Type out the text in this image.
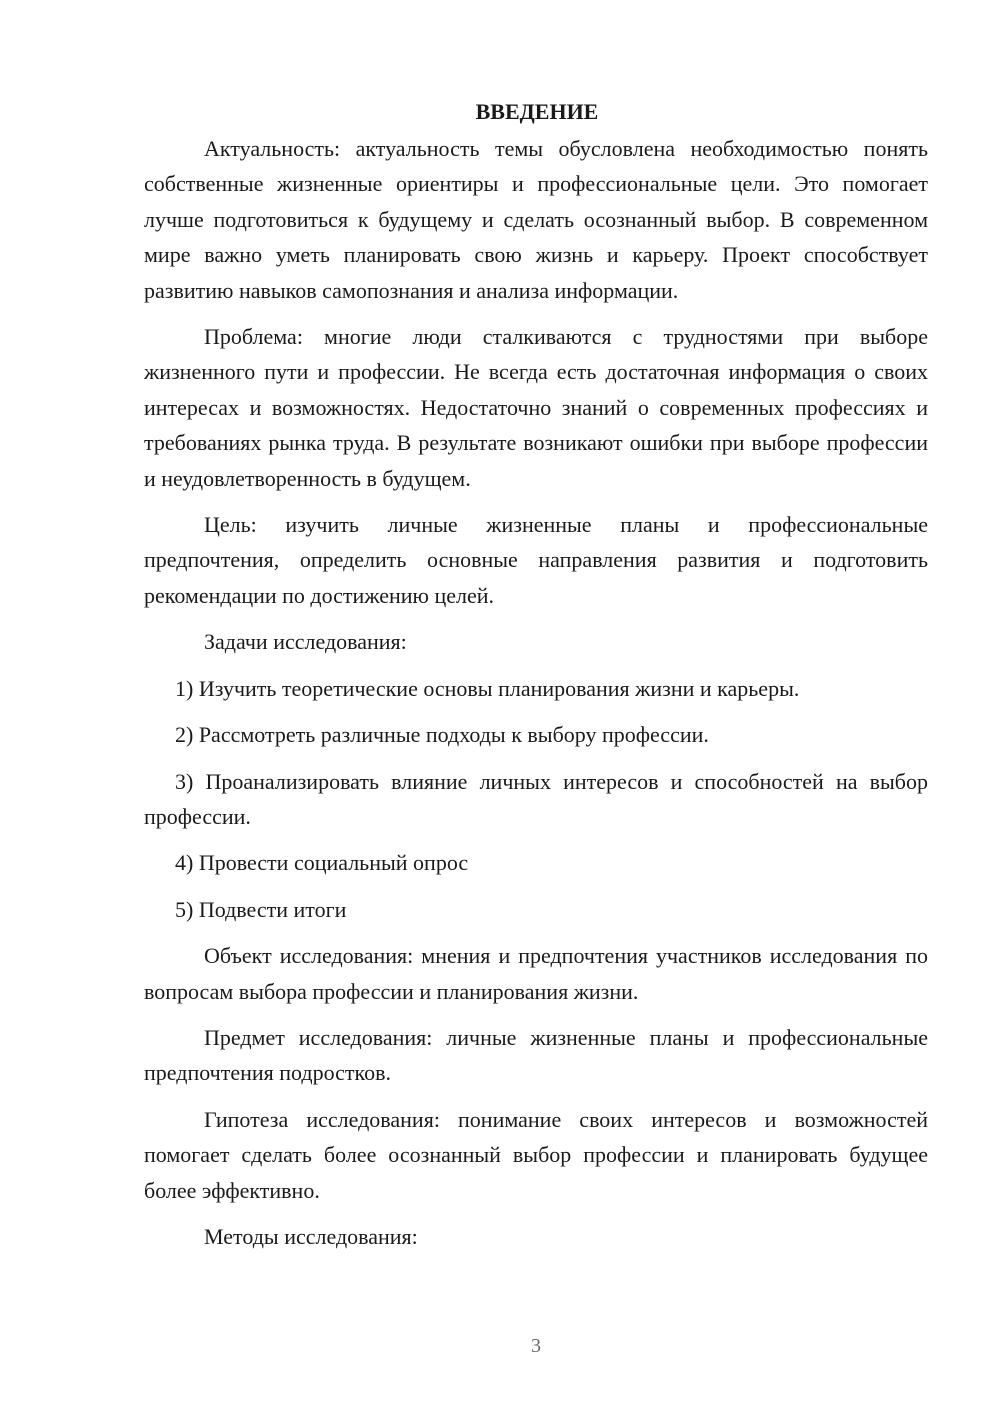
ВВЕДЕНИЕ

Актуальность: актуальность темы обусловлена необходимостью понять собственные жизненные ориентиры и профессиональные цели. Это помогает лучше подготовиться к будущему и сделать осознанный выбор. В современном мире важно уметь планировать свою жизнь и карьеру. Проект способствует развитию навыков самопознания и анализа информации.

Проблема: многие люди сталкиваются с трудностями при выборе жизненного пути и профессии. Не всегда есть достаточная информация о своих интересах и возможностях. Недостаточно знаний о современных профессиях и требованиях рынка труда. В результате возникают ошибки при выборе профессии и неудовлетворенность в будущем.

Цель: изучить личные жизненные планы и профессиональные предпочтения, определить основные направления развития и подготовить рекомендации по достижению целей.

Задачи исследования:

1) Изучить теоретические основы планирования жизни и карьеры.

2) Рассмотреть различные подходы к выбору профессии.

3) Проанализировать влияние личных интересов и способностей на выбор профессии.

4) Провести социальный опрос

5) Подвести итоги

Объект исследования: мнения и предпочтения участников исследования по вопросам выбора профессии и планирования жизни.

Предмет исследования: личные жизненные планы и профессиональные предпочтения подростков.

Гипотеза исследования: понимание своих интересов и возможностей помогает сделать более осознанный выбор профессии и планировать будущее более эффективно.

Методы исследования:

3
